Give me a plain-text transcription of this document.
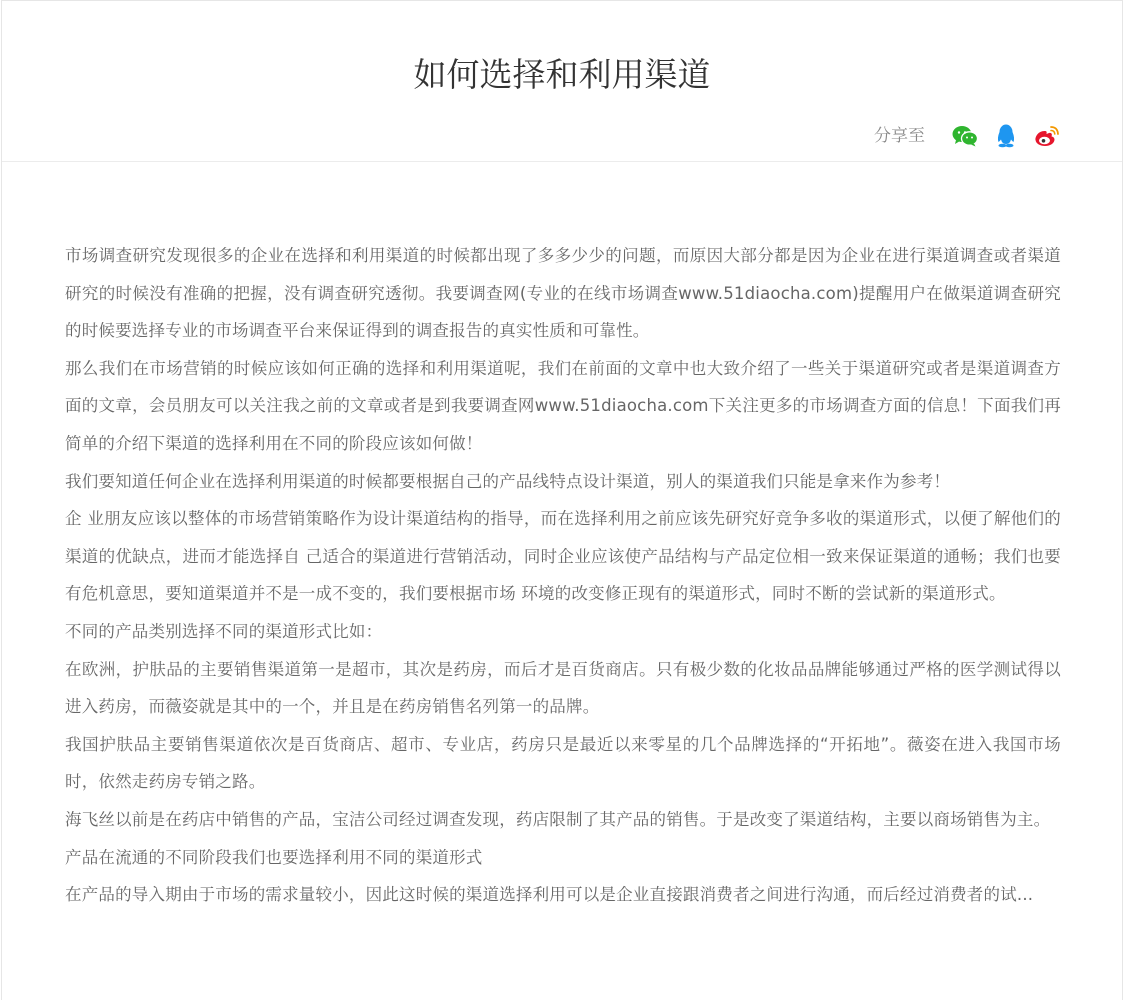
如何选择和利用渠道
分享至

市场调查研究发现很多的企业在选择和利用渠道的时候都出现了多多少少的问题，而原因大部分都是因为企业在进行渠道调查或者渠道研究的时候没有准确的把握，没有调查研究透彻。我要调查网(专业的在线市场调查www.51diaocha.com)提醒用户在做渠道调查研究的时候要选择专业的市场调查平台来保证得到的调查报告的真实性质和可靠性。

那么我们在市场营销的时候应该如何正确的选择和利用渠道呢，我们在前面的文章中也大致介绍了一些关于渠道研究或者是渠道调查方面的文章，会员朋友可以关注我之前的文章或者是到我要调查网www.51diaocha.com下关注更多的市场调查方面的信息！下面我们再简单的介绍下渠道的选择利用在不同的阶段应该如何做！

我们要知道任何企业在选择利用渠道的时候都要根据自己的产品线特点设计渠道，别人的渠道我们只能是拿来作为参考！

企 业朋友应该以整体的市场营销策略作为设计渠道结构的指导，而在选择利用之前应该先研究好竞争多收的渠道形式，以便了解他们的渠道的优缺点，进而才能选择自 己适合的渠道进行营销活动，同时企业应该使产品结构与产品定位相一致来保证渠道的通畅；我们也要有危机意思，要知道渠道并不是一成不变的，我们要根据市场 环境的改变修正现有的渠道形式，同时不断的尝试新的渠道形式。

不同的产品类别选择不同的渠道形式比如：

在欧洲，护肤品的主要销售渠道第一是超市，其次是药房，而后才是百货商店。只有极少数的化妆品品牌能够通过严格的医学测试得以进入药房，而薇姿就是其中的一个，并且是在药房销售名列第一的品牌。

我国护肤品主要销售渠道依次是百货商店、超市、专业店，药房只是最近以来零星的几个品牌选择的“开拓地”。薇姿在进入我国市场时，依然走药房专销之路。

海飞丝以前是在药店中销售的产品，宝洁公司经过调查发现，药店限制了其产品的销售。于是改变了渠道结构，主要以商场销售为主。

产品在流通的不同阶段我们也要选择利用不同的渠道形式

在产品的导入期由于市场的需求量较小，因此这时候的渠道选择利用可以是企业直接跟消费者之间进行沟通，而后经过消费者的试...
